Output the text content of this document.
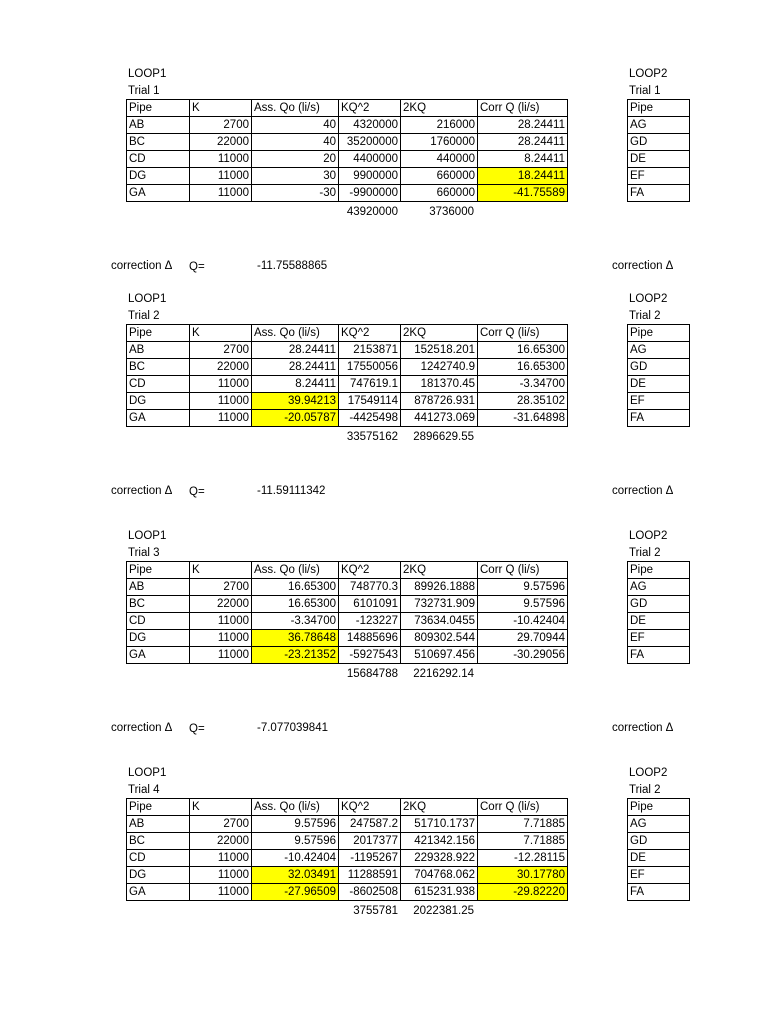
LOOP1
Trial 1
Pipe	K	Ass. Qo (li/s)	KQ^2	2KQ	Corr Q (li/s)
AB	2700	40	4320000	216000	28.24411
BC	22000	40	35200000	1760000	28.24411
CD	11000	20	4400000	440000	8.24411
DG	11000	30	9900000	660000	18.24411
GA	11000	-30	-9900000	660000	-41.75589
43920000	3736000
LOOP2
Trial 1
Pipe
AG
GD
DE
EF
FA
correction Δ Q=	-11.75588865	correction Δ
LOOP1
Trial 2
Pipe	K	Ass. Qo (li/s)	KQ^2	2KQ	Corr Q (li/s)
AB	2700	28.24411	2153871	152518.201	16.65300
BC	22000	28.24411	17550056	1242740.9	16.65300
CD	11000	8.24411	747619.1	181370.45	-3.34700
DG	11000	39.94213	17549114	878726.931	28.35102
GA	11000	-20.05787	-4425498	441273.069	-31.64898
33575162 2896629.55
LOOP2
Trial 2
Pipe
AG
GD
DE
EF
FA
correction Δ Q=	-11.59111342	correction Δ
LOOP1
Trial 3
Pipe	K	Ass. Qo (li/s)	KQ^2	2KQ	Corr Q (li/s)
AB	2700	16.65300	748770.3	89926.1888	9.57596
BC	22000	16.65300	6101091	732731.909	9.57596
CD	11000	-3.34700	-123227	73634.0455	-10.42404
DG	11000	36.78648	14885696	809302.544	29.70944
GA	11000	-23.21352	-5927543	510697.456	-30.29056
15684788 2216292.14
LOOP2
Trial 2
Pipe
AG
GD
DE
EF
FA
correction Δ Q=	-7.077039841	correction Δ
LOOP1
Trial 4
Pipe	K	Ass. Qo (li/s)	KQ^2	2KQ	Corr Q (li/s)
AB	2700	9.57596	247587.2	51710.1737	7.71885
BC	22000	9.57596	2017377	421342.156	7.71885
CD	11000	-10.42404	-1195267	229328.922	-12.28115
DG	11000	32.03491	11288591	704768.062	30.17780
GA	11000	-27.96509	-8602508	615231.938	-29.82220
3755781 2022381.25
LOOP2
Trial 2
Pipe
AG
GD
DE
EF
FA
